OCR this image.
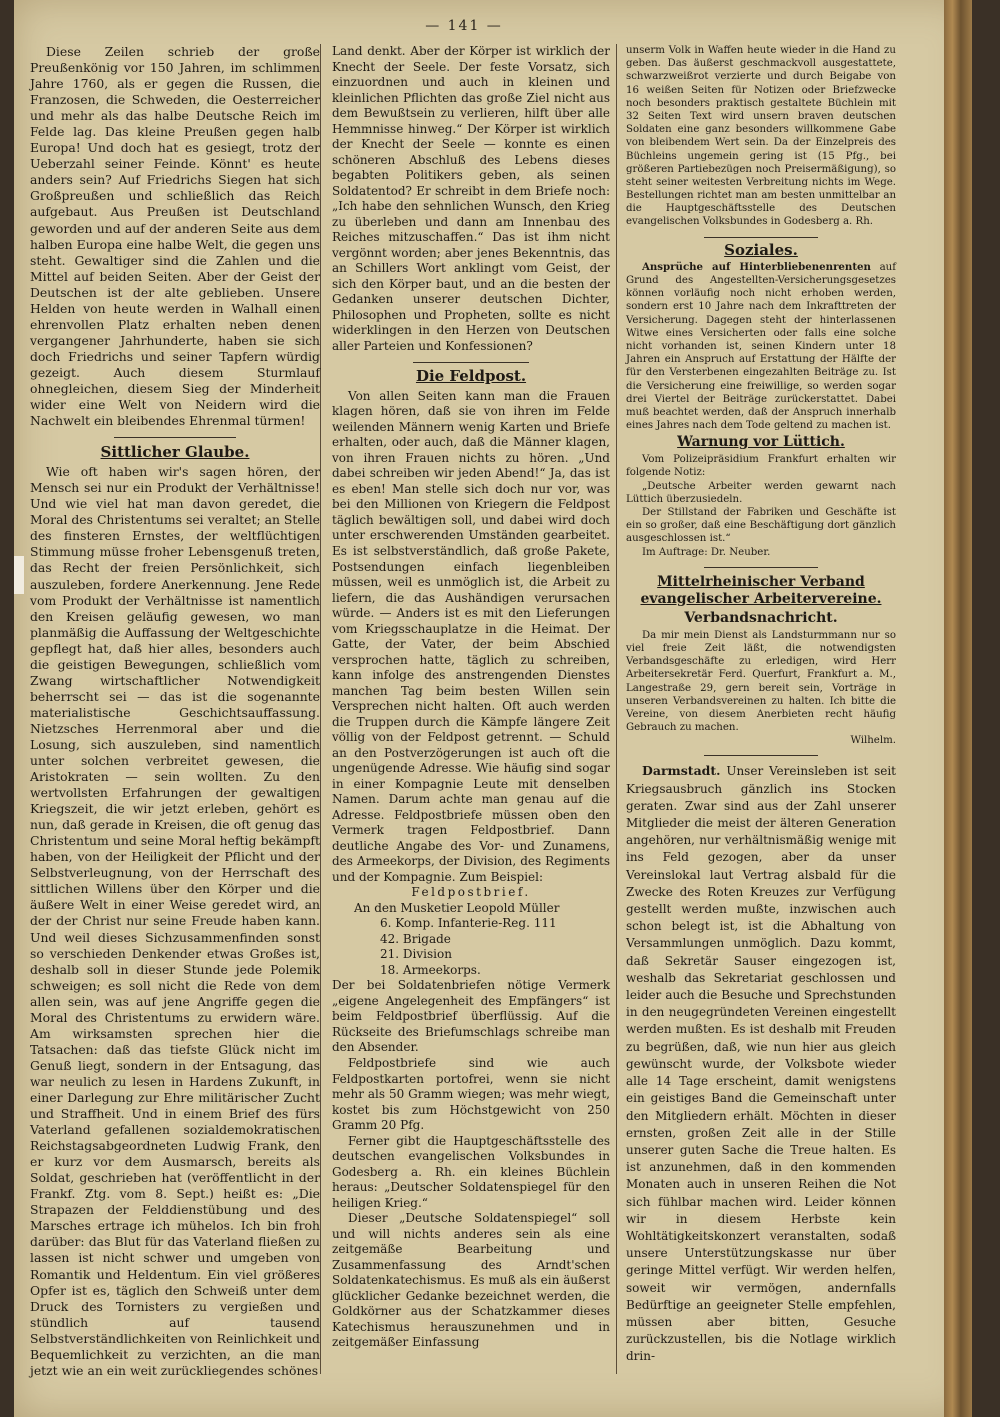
— 141 —

Diese Zeilen schrieb der große Preußenkönig vor 150 Jahren, im schlimmen Jahre 1760, als er gegen die Russen, die Franzosen, die Schweden, die Oesterreicher und mehr als das halbe Deutsche Reich im Felde lag. Das kleine Preußen gegen halb Europa! Und doch hat es gesiegt, trotz der Ueberzahl seiner Feinde. Könnt' es heute anders sein? Auf Friedrichs Siegen hat sich Großpreußen und schließlich das Reich aufgebaut. Aus Preußen ist Deutschland geworden und auf der anderen Seite aus dem halben Europa eine halbe Welt, die gegen uns steht. Gewaltiger sind die Zahlen und die Mittel auf beiden Seiten. Aber der Geist der Deutschen ist der alte geblieben. Unsere Helden von heute werden in Walhall einen ehrenvollen Platz erhalten neben denen vergangener Jahrhunderte, haben sie sich doch Friedrichs und seiner Tapfern würdig gezeigt. Auch diesem Sturmlauf ohnegleichen, diesem Sieg der Minderheit wider eine Welt von Neidern wird die Nachwelt ein bleibendes Ehrenmal türmen!

Sittlicher Glaube.

Wie oft haben wir's sagen hören, der Mensch sei nur ein Produkt der Verhältnisse! Und wie viel hat man davon geredet, die Moral des Christentums sei veraltet; an Stelle des finsteren Ernstes, der weltflüchtigen Stimmung müsse froher Lebensgenuß treten, das Recht der freien Persönlichkeit, sich auszuleben, fordere Anerkennung. Jene Rede vom Produkt der Verhältnisse ist namentlich den Kreisen geläufig gewesen, wo man planmäßig die Auffassung der Weltgeschichte gepflegt hat, daß hier alles, besonders auch die geistigen Bewegungen, schließlich vom Zwang wirtschaftlicher Notwendigkeit beherrscht sei — das ist die sogenannte materialistische Geschichtsauffassung. Nietzsches Herrenmoral aber und die Losung, sich auszuleben, sind namentlich unter solchen verbreitet gewesen, die Aristokraten — sein wollten. Zu den wertvollsten Erfahrungen der gewaltigen Kriegszeit, die wir jetzt erleben, gehört es nun, daß gerade in Kreisen, die oft genug das Christentum und seine Moral heftig bekämpft haben, von der Heiligkeit der Pflicht und der Selbstverleugnung, von der Herrschaft des sittlichen Willens über den Körper und die äußere Welt in einer Weise geredet wird, an der der Christ nur seine Freude haben kann. Und weil dieses Sichzusammenfinden sonst so verschieden Denkender etwas Großes ist, deshalb soll in dieser Stunde jede Polemik schweigen; es soll nicht die Rede von dem allen sein, was auf jene Angriffe gegen die Moral des Christentums zu erwidern wäre. Am wirksamsten sprechen hier die Tatsachen: daß das tiefste Glück nicht im Genuß liegt, sondern in der Entsagung, das war neulich zu lesen in Hardens Zukunft, in einer Darlegung zur Ehre militärischer Zucht und Straffheit. Und in einem Brief des fürs Vaterland gefallenen sozialdemokratischen Reichstagsabgeordneten Ludwig Frank, den er kurz vor dem Ausmarsch, bereits als Soldat, geschrieben hat (veröffentlicht in der Frankf. Ztg. vom 8. Sept.) heißt es: „Die Strapazen der Felddienstübung und des Marsches ertrage ich mühelos. Ich bin froh darüber: das Blut für das Vaterland fließen zu lassen ist nicht schwer und umgeben von Romantik und Heldentum. Ein viel größeres Opfer ist es, täglich den Schweiß unter dem Druck des Tornisters zu vergießen und stündlich auf tausend Selbstverständlichkeiten von Reinlichkeit und Bequemlichkeit zu verzichten, an die man jetzt wie an ein weit zurückliegendes schönes

Land denkt. Aber der Körper ist wirklich der Knecht der Seele. Der feste Vorsatz, sich einzuordnen und auch in kleinen und kleinlichen Pflichten das große Ziel nicht aus dem Bewußtsein zu verlieren, hilft über alle Hemmnisse hinweg.“ Der Körper ist wirklich der Knecht der Seele — konnte es einen schöneren Abschluß des Lebens dieses begabten Politikers geben, als seinen Soldatentod? Er schreibt in dem Briefe noch: „Ich habe den sehnlichen Wunsch, den Krieg zu überleben und dann am Innenbau des Reiches mitzuschaffen.“ Das ist ihm nicht vergönnt worden; aber jenes Bekenntnis, das an Schillers Wort anklingt vom Geist, der sich den Körper baut, und an die besten der Gedanken unserer deutschen Dichter, Philosophen und Propheten, sollte es nicht widerklingen in den Herzen von Deutschen aller Parteien und Konfessionen?

Die Feldpost.

Von allen Seiten kann man die Frauen klagen hören, daß sie von ihren im Felde weilenden Männern wenig Karten und Briefe erhalten, oder auch, daß die Männer klagen, von ihren Frauen nichts zu hören. „Und dabei schreiben wir jeden Abend!“ Ja, das ist es eben! Man stelle sich doch nur vor, was bei den Millionen von Kriegern die Feldpost täglich bewältigen soll, und dabei wird doch unter erschwerenden Umständen gearbeitet. Es ist selbstverständlich, daß große Pakete, Postsendungen einfach liegenbleiben müssen, weil es unmöglich ist, die Arbeit zu liefern, die das Aushändigen verursachen würde. — Anders ist es mit den Lieferungen vom Kriegsschauplatze in die Heimat. Der Gatte, der Vater, der beim Abschied versprochen hatte, täglich zu schreiben, kann infolge des anstrengenden Dienstes manchen Tag beim besten Willen sein Versprechen nicht halten. Oft auch werden die Truppen durch die Kämpfe längere Zeit völlig von der Feldpost getrennt. — Schuld an den Postverzögerungen ist auch oft die ungenügende Adresse. Wie häufig sind sogar in einer Kompagnie Leute mit denselben Namen. Darum achte man genau auf die Adresse. Feldpostbriefe müssen oben den Vermerk tragen Feldpostbrief. Dann deutliche Angabe des Vor- und Zunamens, des Armeekorps, der Division, des Regiments und der Kompagnie. Zum Beispiel:

Feldpostbrief.

An den Musketier Leopold Müller

6. Komp. Infanterie-Reg. 111

42. Brigade

21. Division

18. Armeekorps.

Der bei Soldatenbriefen nötige Vermerk „eigene Angelegenheit des Empfängers“ ist beim Feldpostbrief überflüssig. Auf die Rückseite des Briefumschlags schreibe man den Absender.

Feldpostbriefe sind wie auch Feldpostkarten portofrei, wenn sie nicht mehr als 50 Gramm wiegen; was mehr wiegt, kostet bis zum Höchstgewicht von 250 Gramm 20 Pfg.

Ferner gibt die Hauptgeschäftsstelle des deutschen evangelischen Volksbundes in Godesberg a. Rh. ein kleines Büchlein heraus: „Deutscher Soldatenspiegel für den heiligen Krieg.“

Dieser „Deutsche Soldatenspiegel“ soll und will nichts anderes sein als eine zeitgemäße Bearbeitung und Zusammenfassung des Arndt'schen Soldatenkatechismus. Es muß als ein äußerst glücklicher Gedanke bezeichnet werden, die Goldkörner aus der Schatzkammer dieses Katechismus herauszunehmen und in zeitgemäßer Einfassung

unserm Volk in Waffen heute wieder in die Hand zu geben. Das äußerst geschmackvoll ausgestattete, schwarzweißrot verzierte und durch Beigabe von 16 weißen Seiten für Notizen oder Briefzwecke noch besonders praktisch gestaltete Büchlein mit 32 Seiten Text wird unsern braven deutschen Soldaten eine ganz besonders willkommene Gabe von bleibendem Wert sein. Da der Einzelpreis des Büchleins ungemein gering ist (15 Pfg., bei größeren Partiebezügen noch Preisermäßigung), so steht seiner weitesten Verbreitung nichts im Wege. Bestellungen richtet man am besten unmittelbar an die Hauptgeschäftsstelle des Deutschen evangelischen Volksbundes in Godesberg a. Rh.

Soziales.

Ansprüche auf Hinterbliebenenrenten auf Grund des Angestellten-Versicherungsgesetzes können vorläufig noch nicht erhoben werden, sondern erst 10 Jahre nach dem Inkrafttreten der Versicherung. Dagegen steht der hinterlassenen Witwe eines Versicherten oder falls eine solche nicht vorhanden ist, seinen Kindern unter 18 Jahren ein Anspruch auf Erstattung der Hälfte der für den Versterbenen eingezahlten Beiträge zu. Ist die Versicherung eine freiwillige, so werden sogar drei Viertel der Beiträge zurückerstattet. Dabei muß beachtet werden, daß der Anspruch innerhalb eines Jahres nach dem Tode geltend zu machen ist.

Warnung vor Lüttich.

Vom Polizeipräsidium Frankfurt erhalten wir folgende Notiz:

„Deutsche Arbeiter werden gewarnt nach Lüttich überzusiedeln.

Der Stillstand der Fabriken und Geschäfte ist ein so großer, daß eine Beschäftigung dort gänzlich ausgeschlossen ist.“

Im Auftrage: Dr. Neuber.

Mittelrheinischer Verband evangelischer Arbeitervereine.
Verbandsnachricht.

Da mir mein Dienst als Landsturmmann nur so viel freie Zeit läßt, die notwendigsten Verbandsgeschäfte zu erledigen, wird Herr Arbeitersekretär Ferd. Querfurt, Frankfurt a. M., Langestraße 29, gern bereit sein, Vorträge in unseren Verbandsvereinen zu halten. Ich bitte die Vereine, von diesem Anerbieten recht häufig Gebrauch zu machen.

Wilhelm.

Darmstadt. Unser Vereinsleben ist seit Kriegsausbruch gänzlich ins Stocken geraten. Zwar sind aus der Zahl unserer Mitglieder die meist der älteren Generation angehören, nur verhältnismäßig wenige mit ins Feld gezogen, aber da unser Vereinslokal laut Vertrag alsbald für die Zwecke des Roten Kreuzes zur Verfügung gestellt werden mußte, inzwischen auch schon belegt ist, ist die Abhaltung von Versammlungen unmöglich. Dazu kommt, daß Sekretär Sauser eingezogen ist, weshalb das Sekretariat geschlossen und leider auch die Besuche und Sprechstunden in den neugegründeten Vereinen eingestellt werden mußten. Es ist deshalb mit Freuden zu begrüßen, daß, wie nun hier aus gleich gewünscht wurde, der Volksbote wieder alle 14 Tage erscheint, damit wenigstens ein geistiges Band die Gemeinschaft unter den Mitgliedern erhält. Möchten in dieser ernsten, großen Zeit alle in der Stille unserer guten Sache die Treue halten. Es ist anzunehmen, daß in den kommenden Monaten auch in unseren Reihen die Not sich fühlbar machen wird. Leider können wir in diesem Herbste kein Wohltätigkeitskonzert veranstalten, sodaß unsere Unterstützungskasse nur über geringe Mittel verfügt. Wir werden helfen, soweit wir vermögen, andernfalls Bedürftige an geeigneter Stelle empfehlen, müssen aber bitten, Gesuche zurückzustellen, bis die Notlage wirklich drin-
